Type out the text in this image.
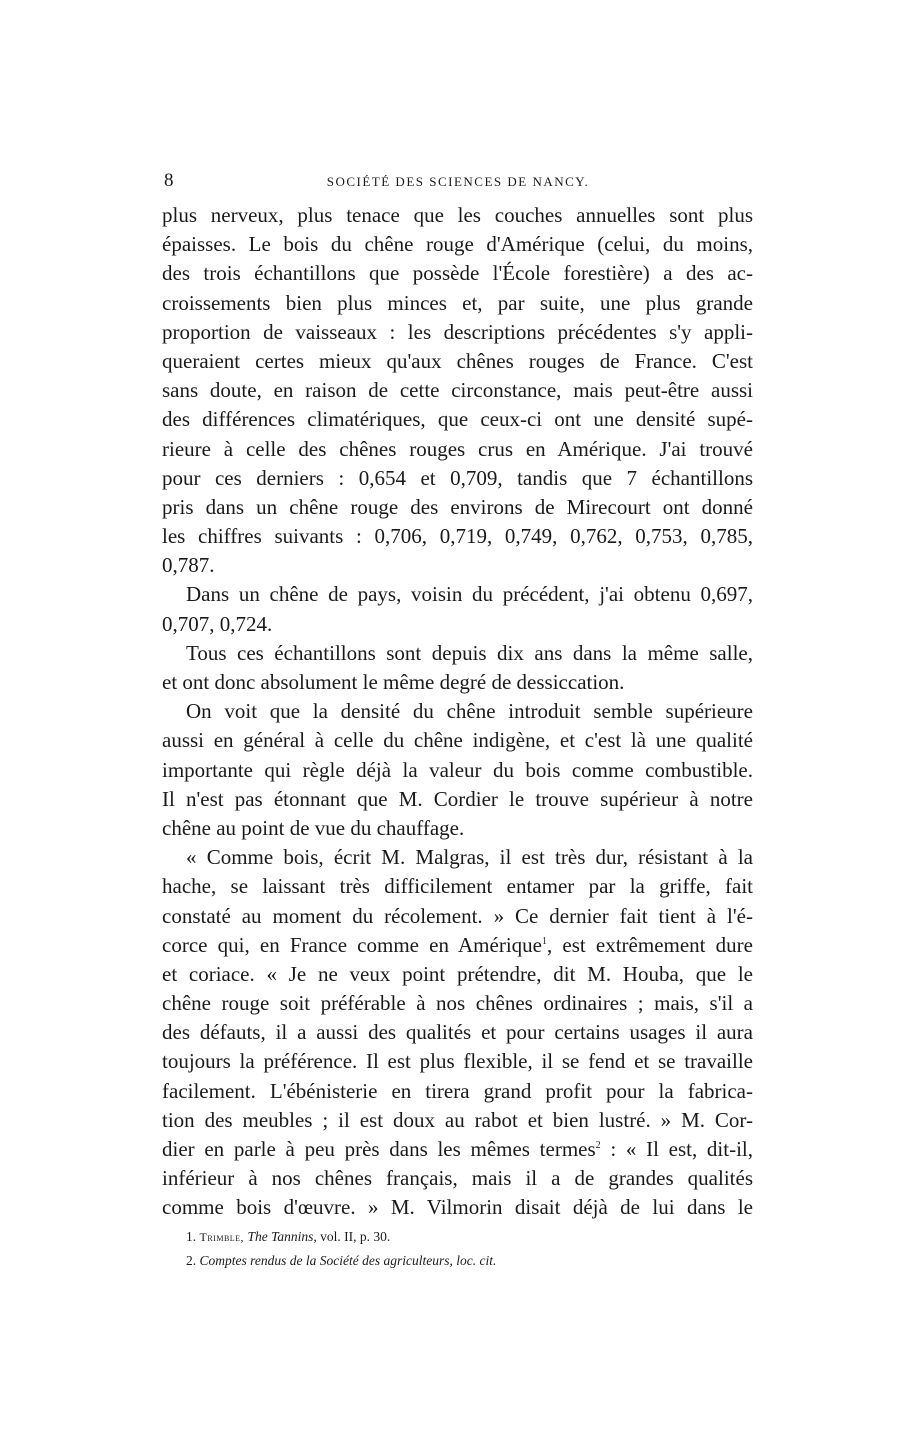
8	SOCIÉTÉ DES SCIENCES DE NANCY.
plus nerveux, plus tenace que les couches annuelles sont plus
épaisses. Le bois du chêne rouge d'Amérique (celui, du moins,
des trois échantillons que possède l'École forestière) a des ac-
croissements bien plus minces et, par suite, une plus grande
proportion de vaisseaux : les descriptions précédentes s'y appli-
queraient certes mieux qu'aux chênes rouges de France. C'est
sans doute, en raison de cette circonstance, mais peut-être aussi
des différences climatériques, que ceux-ci ont une densité supé-
rieure à celle des chênes rouges crus en Amérique. J'ai trouvé
pour ces derniers : 0,654 et 0,709, tandis que 7 échantillons
pris dans un chêne rouge des environs de Mirecourt ont donné
les chiffres suivants : 0,706, 0,719, 0,749, 0,762, 0,753, 0,785,
0,787.
Dans un chêne de pays, voisin du précédent, j'ai obtenu 0,697,
0,707, 0,724.
Tous ces échantillons sont depuis dix ans dans la même salle,
et ont donc absolument le même degré de dessiccation.
On voit que la densité du chêne introduit semble supérieure
aussi en général à celle du chêne indigène, et c'est là une qualité
importante qui règle déjà la valeur du bois comme combustible.
Il n'est pas étonnant que M. Cordier le trouve supérieur à notre
chêne au point de vue du chauffage.
« Comme bois, écrit M. Malgras, il est très dur, résistant à la
hache, se laissant très difficilement entamer par la griffe, fait
constaté au moment du récolement. » Ce dernier fait tient à l'é-
corce qui, en France comme en Amérique$^1$, est extrêmement dure
et coriace. « Je ne veux point prétendre, dit M. Houba, que le
chêne rouge soit préférable à nos chênes ordinaires ; mais, s'il a
des défauts, il a aussi des qualités et pour certains usages il aura
toujours la préférence. Il est plus flexible, il se fend et se travaille
facilement. L'ébénisterie en tirera grand profit pour la fabrica-
tion des meubles ; il est doux au rabot et bien lustré. » M. Cor-
dier en parle à peu près dans les mêmes termes$^2$ : « Il est, dit-il,
inférieur à nos chênes français, mais il a de grandes qualités
comme bois d'œuvre. » M. Vilmorin disait déjà de lui dans le
1. Trimble, The Tannins, vol. II, p. 30.
2. Comptes rendus de la Société des agriculteurs, loc. cit.
